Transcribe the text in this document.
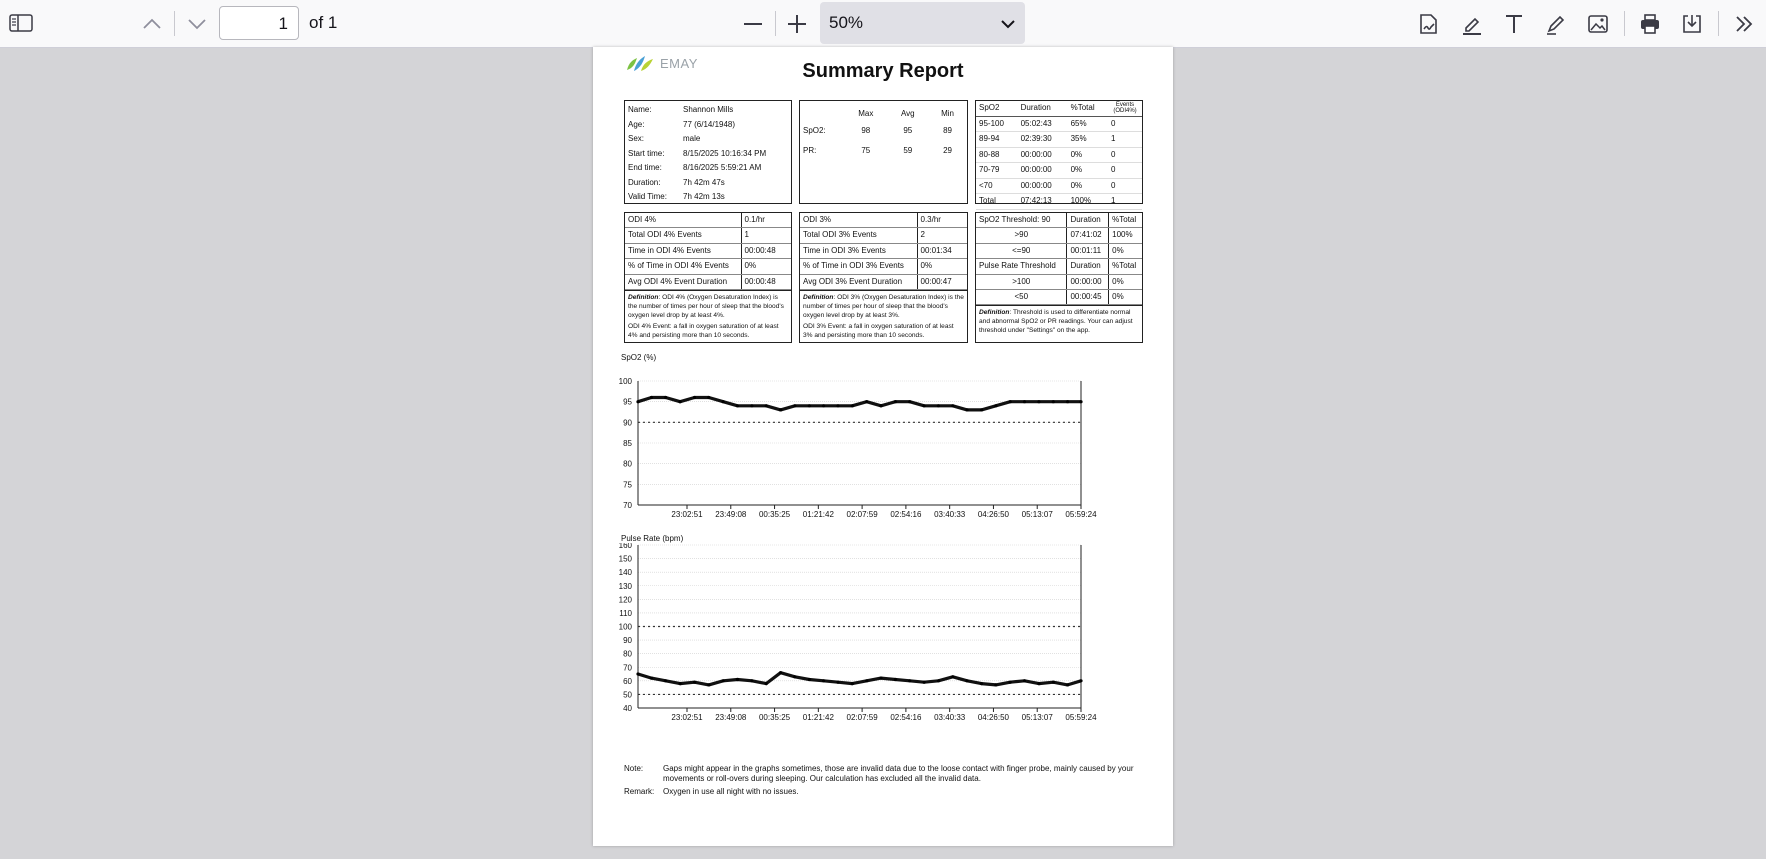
1	of 1	50%
EMAY	Summary Report
Name:	Shannon Mills
Age:	77 (6/14/1948)
Sex:	male
Start time:	8/15/2025 10:16:34 PM
End time:	8/16/2025 5:59:21 AM
Duration:	7h 42m 47s
Valid Time:	7h 42m 13s
	Max	Avg	Min
SpO2:	98	95	89
PR:	75	59	29
SpO2	Duration	%Total	Events (ODI4%)
95-100	05:02:43	65%	0
89-94	02:39:30	35%	1
80-88	00:00:00	0%	0
70-79	00:00:00	0%	0
<70	00:00:00	0%	0
Total	07:42:13	100%	1
ODI 4%	0.1/hr
Total ODI 4% Events	1
Time in ODI 4% Events	00:00:48
% of Time in ODI 4% Events	0%
Avg ODI 4% Event Duration	00:00:48

Definition: ODI 4% (Oxygen Desaturation Index) is the number of times per hour of sleep that the blood's oxygen level drop by at least 4%.

ODI 4% Event: a fall in oxygen saturation of at least 4% and persisting more than 10 seconds.

ODI 3%	0.3/hr
Total ODI 3% Events	2
Time in ODI 3% Events	00:01:34
% of Time in ODI 3% Events	0%
Avg ODI 3% Event Duration	00:00:47

Definition: ODI 3% (Oxygen Desaturation Index) is the number of times per hour of sleep that the blood's oxygen level drop by at least 3%.

ODI 3% Event: a fall in oxygen saturation of at least 3% and persisting more than 10 seconds.

SpO2 Threshold: 90	Duration	%Total
>90	07:41:02	100%
<=90	00:01:11	0%
Pulse Rate Threshold	Duration	%Total
>100	00:00:00	0%
<50	00:00:45	0%

Definition: Threshold is used to differentiate normal and abnormal SpO2 or PR readings. Your can adjust threshold under "Settings" on the app.

SpO2 (%)
100
95
90
85
80
75
70
23:02:51 23:49:08 00:35:25 01:21:42 02:07:59 02:54:16 03:40:33 04:26:50 05:13:07 05:59:24
Pulse Rate (bpm)
160
150
140
130
120
110
100
90
80
70
60
50
40
23:02:51 23:49:08 00:35:25 01:21:42 02:07:59 02:54:16 03:40:33 04:26:50 05:13:07 05:59:24
Note: Gaps might appear in the graphs sometimes, those are invalid data due to the loose contact with finger probe, mainly caused by your movements or roll-overs during sleeping. Our calculation has excluded all the invalid data.
Remark: Oxygen in use all night with no issues.
